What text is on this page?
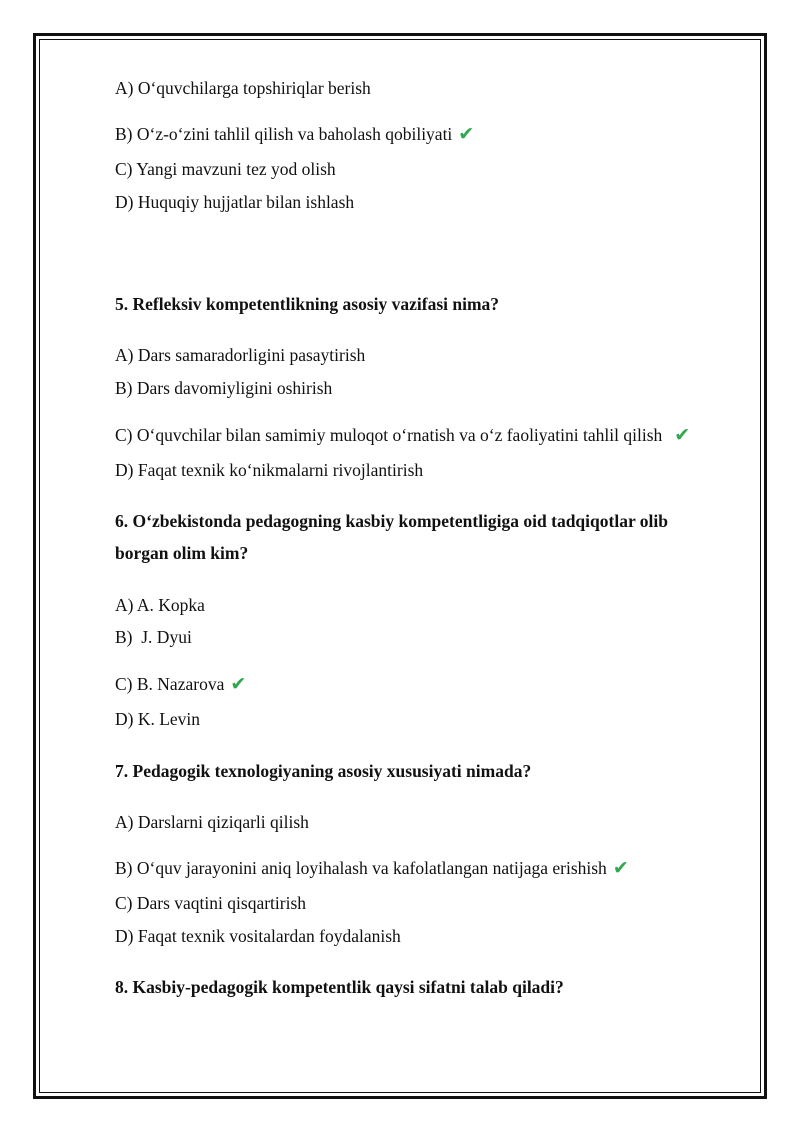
A) O‘quvchilarga topshiriqlar berish
B) O‘z-o‘zini tahlil qilish va baholash qobiliyati ✔
C) Yangi mavzuni tez yod olish
D) Huquqiy hujjatlar bilan ishlash
5. Refleksiv kompetentlikning asosiy vazifasi nima?
A) Dars samaradorligini pasaytirish
B) Dars davomiyligini oshirish
C) O‘quvchilar bilan samimiy muloqot o‘rnatish va o‘z faoliyatini tahlil qilish ✔
D) Faqat texnik ko‘nikmalarni rivojlantirish
6. O‘zbekistonda pedagogning kasbiy kompetentligiga oid tadqiqotlar olib
borgan olim kim?
A) A. Kopka
B)  J. Dyui
C) B. Nazarova ✔
D) K. Levin
7. Pedagogik texnologiyaning asosiy xususiyati nimada?
A) Darslarni qiziqarli qilish
B) O‘quv jarayonini aniq loyihalash va kafolatlangan natijaga erishish ✔
C) Dars vaqtini qisqartirish
D) Faqat texnik vositalardan foydalanish
8. Kasbiy-pedagogik kompetentlik qaysi sifatni talab qiladi?
